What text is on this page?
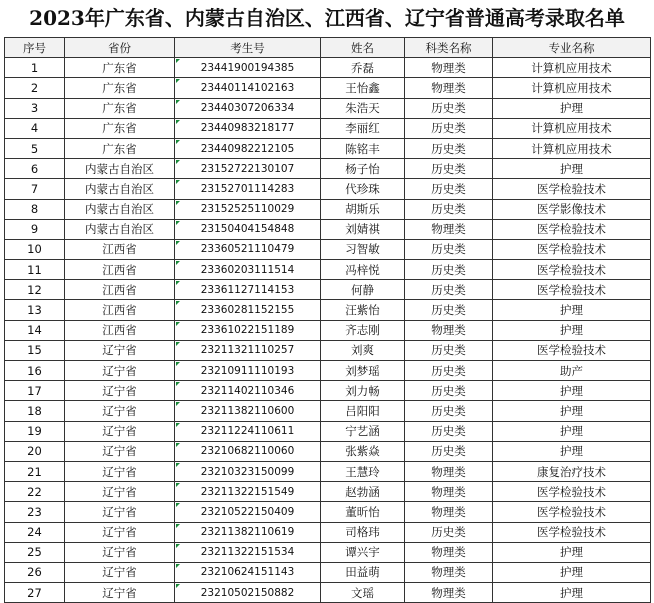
2023年广东省、内蒙古自治区、江西省、辽宁省普通高考录取名单
序号	省份	考生号	姓名	科类名称	专业名称
1	广东省	23441900194385	乔磊	物理类	计算机应用技术
2	广东省	23440114102163	王怡鑫	物理类	计算机应用技术
3	广东省	23440307206334	朱浩天	历史类	护理
4	广东省	23440983218177	李丽红	历史类	计算机应用技术
5	广东省	23440982212105	陈铭丰	历史类	计算机应用技术
6	内蒙古自治区	23152722130107	杨子怡	历史类	护理
7	内蒙古自治区	23152701114283	代珍珠	历史类	医学检验技术
8	内蒙古自治区	23152525110029	胡斯乐	历史类	医学影像技术
9	内蒙古自治区	23150404154848	刘婧祺	物理类	医学检验技术
10	江西省	23360521110479	习智敏	历史类	医学检验技术
11	江西省	23360203111514	冯梓悦	历史类	医学检验技术
12	江西省	23361127114153	何静	历史类	医学检验技术
13	江西省	23360281152155	汪紫怡	历史类	护理
14	江西省	23361022151189	齐志刚	物理类	护理
15	辽宁省	23211321110257	刘爽	历史类	医学检验技术
16	辽宁省	23210911110193	刘梦瑶	历史类	助产
17	辽宁省	23211402110346	刘力畅	历史类	护理
18	辽宁省	23211382110600	吕阳阳	历史类	护理
19	辽宁省	23211224110611	宁艺涵	历史类	护理
20	辽宁省	23210682110060	张紫焱	历史类	护理
21	辽宁省	23210323150099	王慧玲	物理类	康复治疗技术
22	辽宁省	23211322151549	赵勃涵	物理类	医学检验技术
23	辽宁省	23210522150409	董昕怡	物理类	医学检验技术
24	辽宁省	23211382110619	司格玮	历史类	医学检验技术
25	辽宁省	23211322151534	谭兴宇	物理类	护理
26	辽宁省	23210624151143	田益萌	物理类	护理
27	辽宁省	23210502150882	文瑶	物理类	护理
